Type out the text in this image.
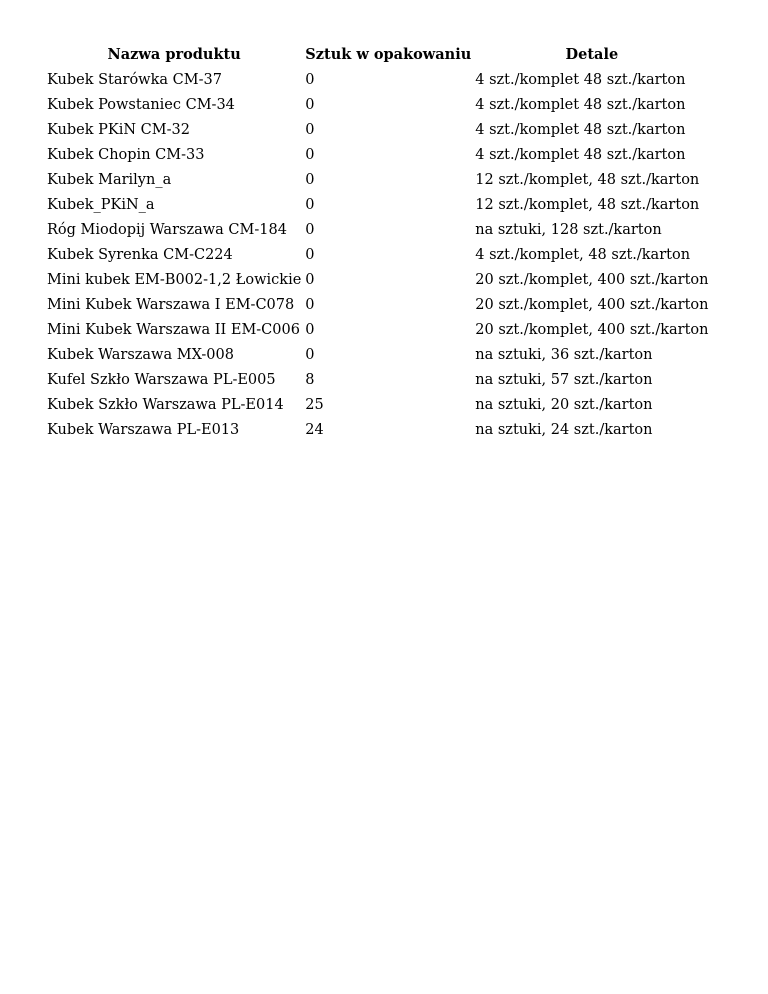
Nazwa produktu	Sztuk w opakowaniu	Detale
Kubek Starówka CM-37	0	4 szt./komplet 48 szt./karton
Kubek Powstaniec CM-34	0	4 szt./komplet 48 szt./karton
Kubek PKiN CM-32	0	4 szt./komplet 48 szt./karton
Kubek Chopin CM-33	0	4 szt./komplet 48 szt./karton
Kubek Marilyn_a	0	12 szt./komplet, 48 szt./karton
Kubek_PKiN_a	0	12 szt./komplet, 48 szt./karton
Róg Miodopij Warszawa CM-184	0	na sztuki, 128 szt./karton
Kubek Syrenka CM-C224	0	4 szt./komplet, 48 szt./karton
Mini kubek EM-B002-1,2 Łowickie	0	20 szt./komplet, 400 szt./karton
Mini Kubek Warszawa I EM-C078	0	20 szt./komplet, 400 szt./karton
Mini Kubek Warszawa II EM-C006	0	20 szt./komplet, 400 szt./karton
Kubek Warszawa MX-008	0	na sztuki, 36 szt./karton
Kufel Szkło Warszawa PL-E005	8	na sztuki, 57 szt./karton
Kubek Szkło Warszawa PL-E014	25	na sztuki, 20 szt./karton
Kubek Warszawa PL-E013	24	na sztuki, 24 szt./karton
